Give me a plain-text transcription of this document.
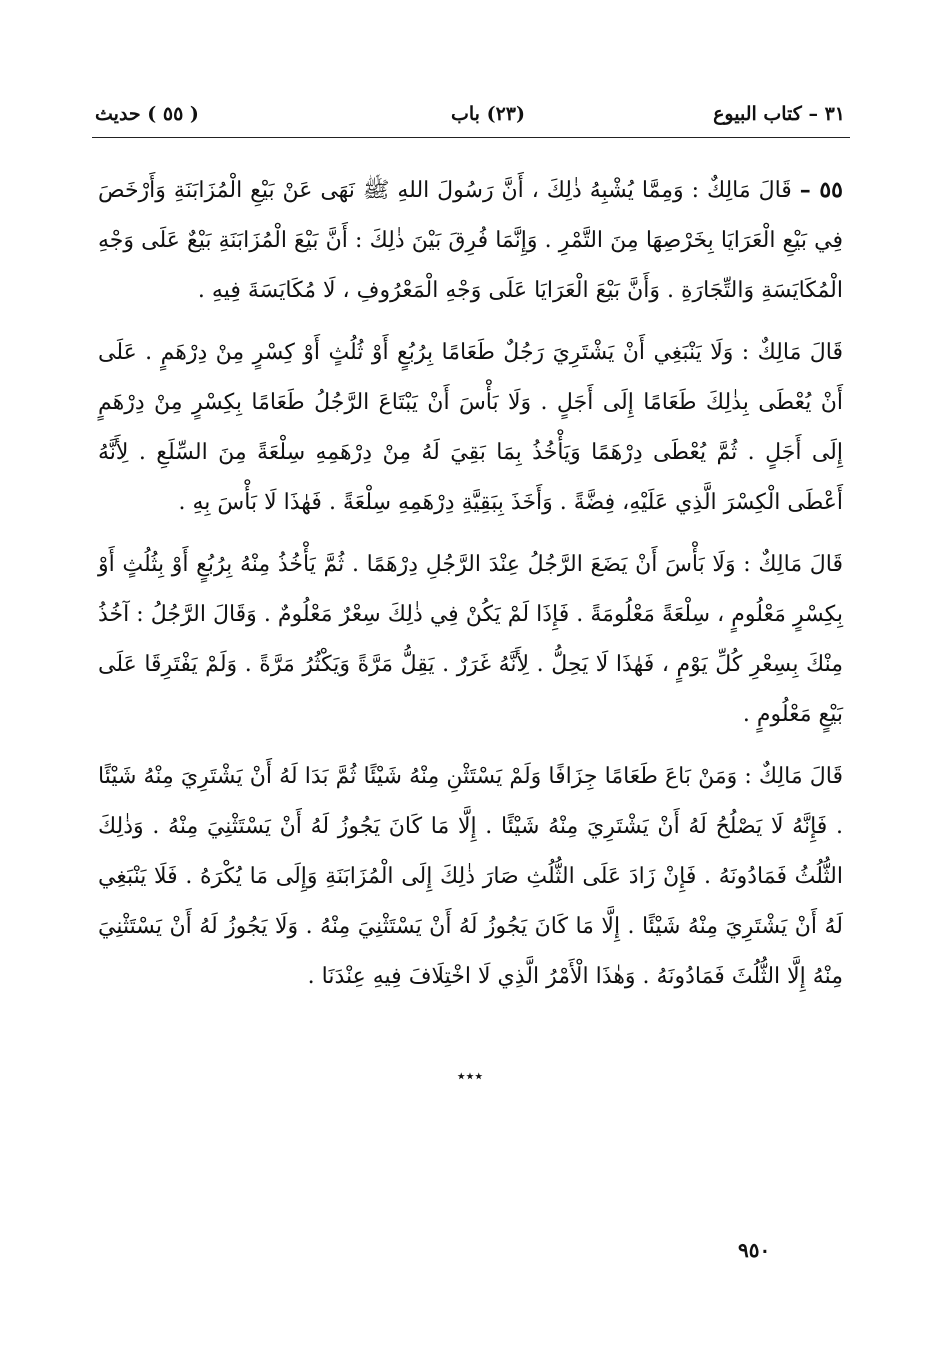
٣١ – كتاب البيوع
(٢٣) باب
( ٥٥ ) حديث

٥٥ – قَالَ مَالِكٌ : وَمِمَّا يُشْبِهُ ذٰلِكَ ، أَنَّ رَسُولَ اللهِ ﷺ نَهَى عَنْ بَيْعِ الْمُزَابَنَةِ وَأَرْخَصَ فِي بَيْعِ الْعَرَايَا بِخَرْصِهَا مِنَ التَّمْرِ . وَإِنَّمَا فُرِقَ بَيْنَ ذٰلِكَ : أَنَّ بَيْعَ الْمُزَابَنَةِ بَيْعٌ عَلَى وَجْهِ الْمُكَايَسَةِ وَالتِّجَارَةِ . وَأَنَّ بَيْعَ الْعَرَايَا عَلَى وَجْهِ الْمَعْرُوفِ ، لَا مُكَايَسَةَ فِيهِ .

قَالَ مَالِكٌ : وَلَا يَنْبَغِي أَنْ يَشْتَرِيَ رَجُلٌ طَعَامًا بِرُبُعٍ أَوْ ثُلُثٍ أَوْ كِسْرٍ مِنْ دِرْهَمٍ . عَلَى أَنْ يُعْطَى بِذٰلِكَ طَعَامًا إِلَى أَجَلٍ . وَلَا بَأْسَ أَنْ يَبْتَاعَ الرَّجُلُ طَعَامًا بِكِسْرٍ مِنْ دِرْهَمٍ إِلَى أَجَلٍ . ثُمَّ يُعْطَى دِرْهَمًا وَيَأْخُذُ بِمَا بَقِيَ لَهُ مِنْ دِرْهَمِهِ سِلْعَةً مِنَ السِّلَعِ . لِأَنَّهُ أَعْطَى الْكِسْرَ الَّذِي عَلَيْهِ، فِضَّةً . وَأَخَذَ بِبَقِيَّةِ دِرْهَمِهِ سِلْعَةً . فَهٰذَا لَا بَأْسَ بِهِ .

قَالَ مَالِكٌ : وَلَا بَأْسَ أَنْ يَضَعَ الرَّجُلُ عِنْدَ الرَّجُلِ دِرْهَمًا . ثُمَّ يَأْخُذُ مِنْهُ بِرُبُعٍ أَوْ بِثُلُثٍ أَوْ بِكِسْرٍ مَعْلُومٍ ، سِلْعَةً مَعْلُومَةً . فَإِذَا لَمْ يَكُنْ فِي ذٰلِكَ سِعْرٌ مَعْلُومٌ . وَقَالَ الرَّجُلُ : آخُذُ مِنْكَ بِسِعْرِ كُلِّ يَوْمٍ ، فَهٰذَا لَا يَحِلُّ . لِأَنَّهُ غَرَرٌ . يَقِلُّ مَرَّةً وَيَكْثُرُ مَرَّةً . وَلَمْ يَفْتَرِقَا عَلَى بَيْعٍ مَعْلُومٍ .

قَالَ مَالِكٌ : وَمَنْ بَاعَ طَعَامًا جِزَافًا وَلَمْ يَسْتَثْنِ مِنْهُ شَيْئًا ثُمَّ بَدَا لَهُ أَنْ يَشْتَرِيَ مِنْهُ شَيْئًا . فَإِنَّهُ لَا يَصْلُحُ لَهُ أَنْ يَشْتَرِيَ مِنْهُ شَيْئًا . إِلَّا مَا كَانَ يَجُوزُ لَهُ أَنْ يَسْتَثْنِيَ مِنْهُ . وَذٰلِكَ الثُّلُثُ فَمَادُونَهُ . فَإِنْ زَادَ عَلَى الثُّلُثِ صَارَ ذٰلِكَ إِلَى الْمُزَابَنَةِ وَإِلَى مَا يُكْرَهُ . فَلَا يَنْبَغِي لَهُ أَنْ يَشْتَرِيَ مِنْهُ شَيْئًا . إِلَّا مَا كَانَ يَجُوزُ لَهُ أَنْ يَسْتَثْنِيَ مِنْهُ . وَلَا يَجُوزُ لَهُ أَنْ يَسْتَثْنِيَ مِنْهُ إِلَّا الثُّلُثَ فَمَادُونَهُ . وَهٰذَا الْأَمْرُ الَّذِي لَا اخْتِلَافَ فِيهِ عِنْدَنَا .

٭٭٭
٩٥٠
